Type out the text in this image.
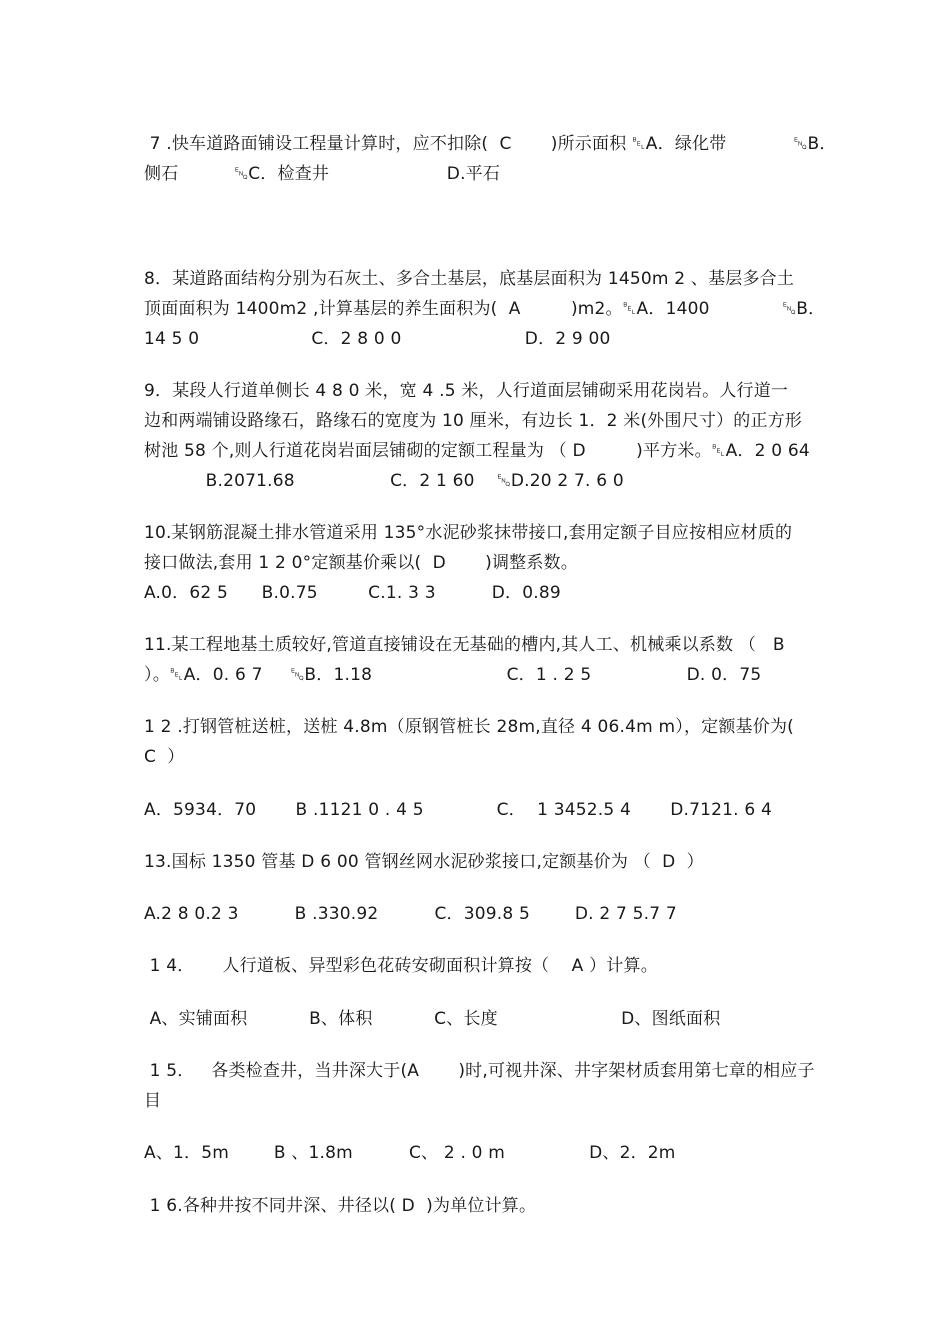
7 .快车道路面铺设工程量计算时，应不扣除(  C       )所示面积 ␇A．绿化带            ␅B．
侧石          ␅C．检查井                     D.平石
8．某道路面结构分别为石灰土、多合土基层，底基层面积为 1450m 2 、基层多合土
顶面面积为 1400m2 ,计算基层的养生面积为(  A         )m2。␇A．1400             ␅B．
14 5 0                    C．2 8 0 0                      D．2 9 00
9．某段人行道单侧长 4 8 0 米，宽 4 .5 米，人行道面层铺砌采用花岗岩。人行道一
边和两端铺设路缘石，路缘石的宽度为 10 厘米，有边长 1．2 米(外围尺寸）的正方形
树池 58 个,则人行道花岗岩面层铺砌的定额工程量为 （ D         )平方米。␇A．2 0 64
B.2071.68                 C．2 1 60    ␅D.20 2 7. 6 0
10.某钢筋混凝土排水管道采用 135°水泥砂浆抹带接口,套用定额子目应按相应材质的
接口做法,套用 1 2 0°定额基价乘以(  D       )调整系数。
A.0．62 5      B.0.75         C.1. 3 3          D．0.89
11.某工程地基土质较好,管道直接铺设在无基础的槽内,其人工、机械乘以系数 （   B
）。␇A．0. 6 7     ␅B．1.18                        C．1 . 2 5                 D. 0．75
1 2 .打钢管桩送桩，送桩 4.8m（原钢管桩长 28m,直径 4 06.4m m），定额基价为(
C  ）
A．5934．70       B .1121 0 . 4 5             C．  1 3452.5 4       D.7121. 6 4
13.国标 1350 管基 D 6 00 管钢丝网水泥砂浆接口,定额基价为 （  D  ）
A.2 8 0.2 3          B .330.92          C．309.8 5        D. 2 7 5.7 7
1 4．     人行道板、异型彩色花砖安砌面积计算按（    A ）计算。
A、实铺面积           B、体积           C、长度                      D、图纸面积
1 5．   各类检查井，当井深大于(A       )时,可视井深、井字架材质套用第七章的相应子
目
A、1．5m        B 、1.8m          C、 2 . 0 m               D、2．2m
1 6.各种井按不同井深、井径以( D  )为单位计算。
